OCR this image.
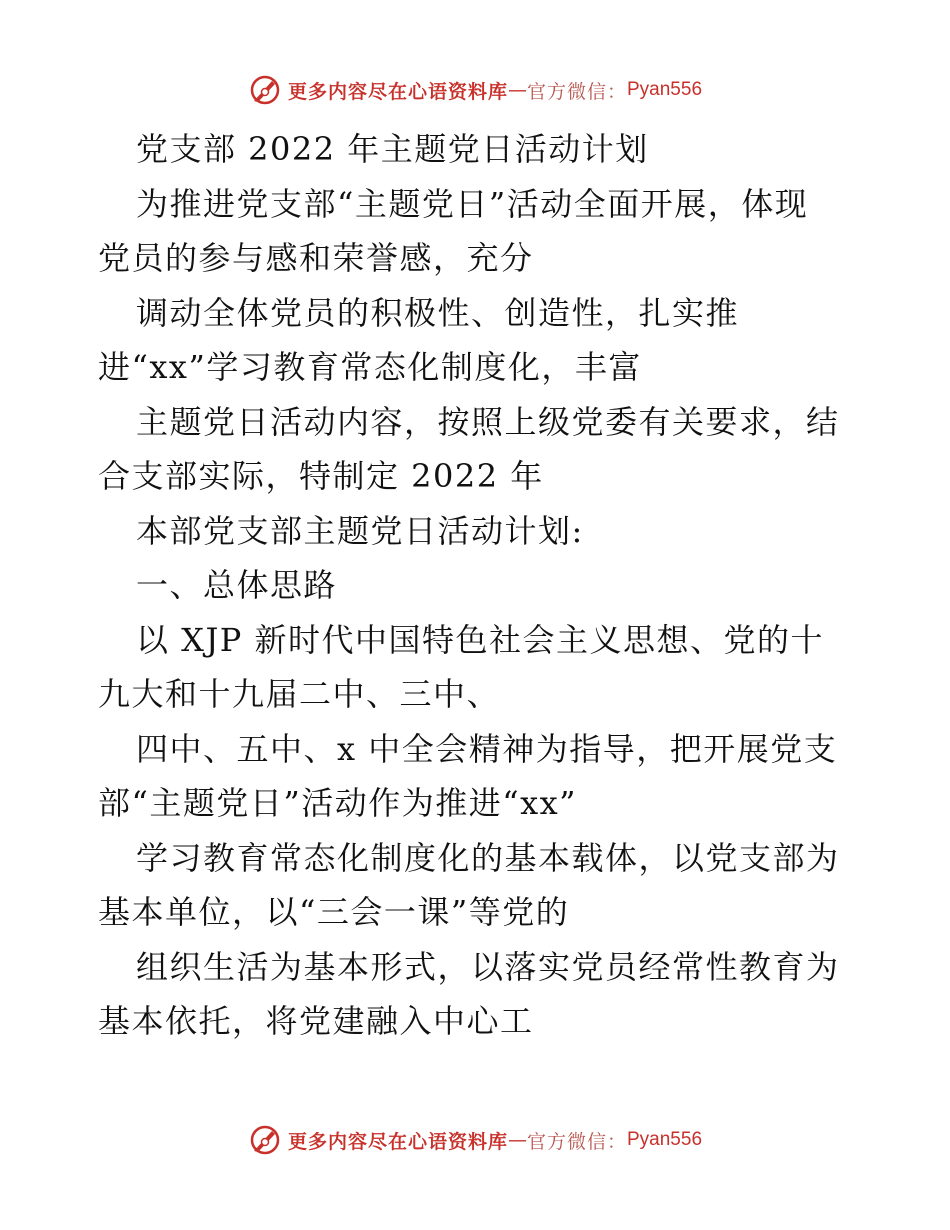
更多内容尽在心语资料库 — 官方微信： Pyan556
党支部 2022 年主题党日活动计划
为推进党支部“主题党日”活动全面开展，体现
党员的参与感和荣誉感，充分
调动全体党员的积极性、创造性，扎实推
进“xx”学习教育常态化制度化，丰富
主题党日活动内容，按照上级党委有关要求，结
合支部实际，特制定 2022 年
本部党支部主题党日活动计划:
一、总体思路
以 XJP 新时代中国特色社会主义思想、党的十
九大和十九届二中、三中、
四中、五中、x 中全会精神为指导，把开展党支
部“主题党日”活动作为推进“xx”
学习教育常态化制度化的基本载体，以党支部为
基本单位，以“三会一课”等党的
组织生活为基本形式，以落实党员经常性教育为
基本依托，将党建融入中心工
更多内容尽在心语资料库 — 官方微信： Pyan556
